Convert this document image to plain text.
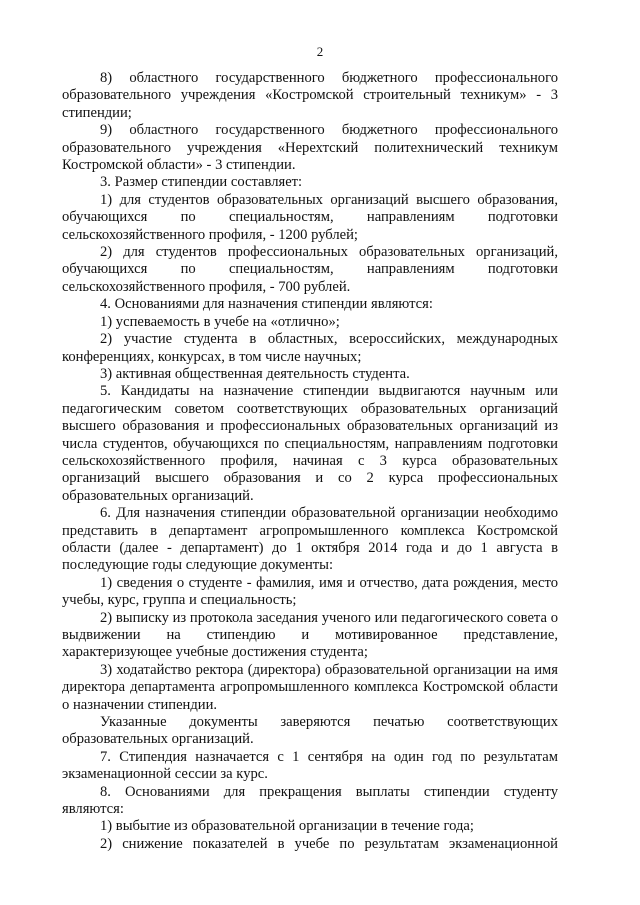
2

8) областного государственного бюджетного профессионального образовательного учреждения «Костромской строительный техникум» - 3 стипендии;

9) областного государственного бюджетного профессионального образовательного учреждения «Нерехтский политехнический техникум Костромской области» - 3 стипендии.

3. Размер стипендии составляет:

1) для студентов образовательных организаций высшего образования, обучающихся по специальностям, направлениям подготовки сельскохозяйственного профиля, - 1200 рублей;

2) для студентов профессиональных образовательных организаций, обучающихся по специальностям, направлениям подготовки сельскохозяйственного профиля, - 700 рублей.

4. Основаниями для назначения стипендии являются:

1) успеваемость в учебе на «отлично»;

2) участие студента в областных, всероссийских, международных конференциях, конкурсах, в том числе научных;

3) активная общественная деятельность студента.

5. Кандидаты на назначение стипендии выдвигаются научным или педагогическим советом соответствующих образовательных организаций высшего образования и профессиональных образовательных организаций из числа студентов, обучающихся по специальностям, направлениям подготовки сельскохозяйственного профиля, начиная с 3 курса образовательных организаций высшего образования и со 2 курса профессиональных образовательных организаций.

6. Для назначения стипендии образовательной организации необходимо представить в департамент агропромышленного комплекса Костромской области (далее - департамент) до 1 октября 2014 года и до 1 августа в последующие годы следующие документы:

1) сведения о студенте - фамилия, имя и отчество, дата рождения, место учебы, курс, группа и специальность;

2) выписку из протокола заседания ученого или педагогического совета о выдвижении на стипендию и мотивированное представление, характеризующее учебные достижения студента;

3) ходатайство ректора (директора) образовательной организации на имя директора департамента агропромышленного комплекса Костромской области о назначении стипендии.

Указанные документы заверяются печатью соответствующих образовательных организаций.

7. Стипендия назначается с 1 сентября на один год по результатам экзаменационной сессии за курс.

8. Основаниями для прекращения выплаты стипендии студенту являются:

1) выбытие из образовательной организации в течение года;

2) снижение показателей в учебе по результатам экзаменационной
